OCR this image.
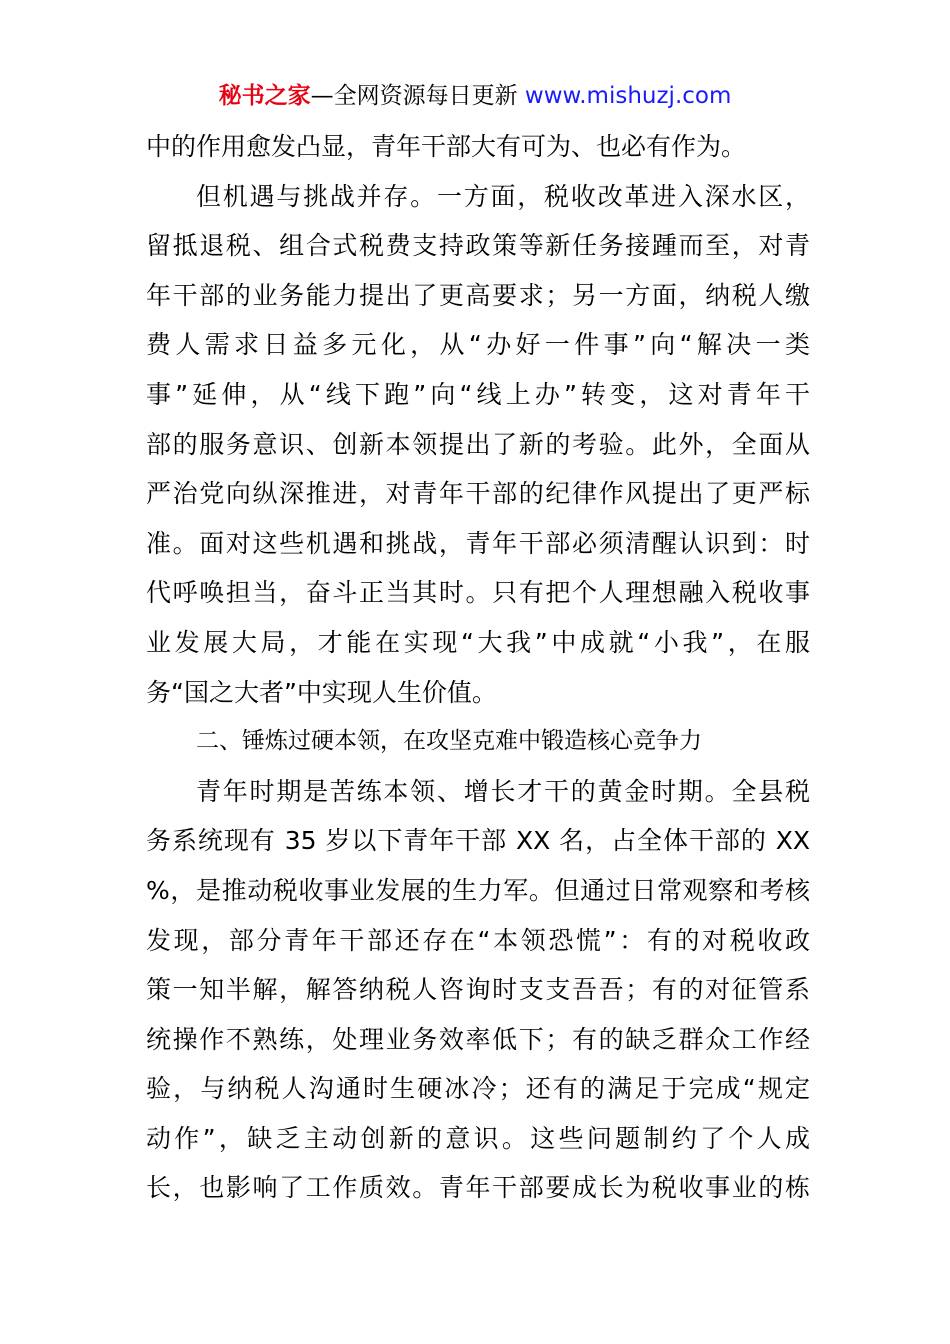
秘书之家—全网资源每日更新 www.mishuzj.com
中的作用愈发凸显，青年干部大有可为、也必有作为。
但机遇与挑战并存。一方面，税收改革进入深水区，
留抵退税、组合式税费支持政策等新任务接踵而至，对青
年干部的业务能力提出了更高要求；另一方面，纳税人缴
费人需求日益多元化，从“办好一件事”向“解决一类
事”延伸，从“线下跑”向“线上办”转变，这对青年干
部的服务意识、创新本领提出了新的考验。此外，全面从
严治党向纵深推进，对青年干部的纪律作风提出了更严标
准。面对这些机遇和挑战，青年干部必须清醒认识到：时
代呼唤担当，奋斗正当其时。只有把个人理想融入税收事
业发展大局，才能在实现“大我”中成就“小我”，在服
务“国之大者”中实现人生价值。
二、锤炼过硬本领，在攻坚克难中锻造核心竞争力
青年时期是苦练本领、增长才干的黄金时期。全县税
务系统现有 35 岁以下青年干部 XX 名，占全体干部的 XX
%，是推动税收事业发展的生力军。但通过日常观察和考核
发现，部分青年干部还存在“本领恐慌”：有的对税收政
策一知半解，解答纳税人咨询时支支吾吾；有的对征管系
统操作不熟练，处理业务效率低下；有的缺乏群众工作经
验，与纳税人沟通时生硬冰冷；还有的满足于完成“规定
动作”，缺乏主动创新的意识。这些问题制约了个人成
长，也影响了工作质效。青年干部要成长为税收事业的栋
